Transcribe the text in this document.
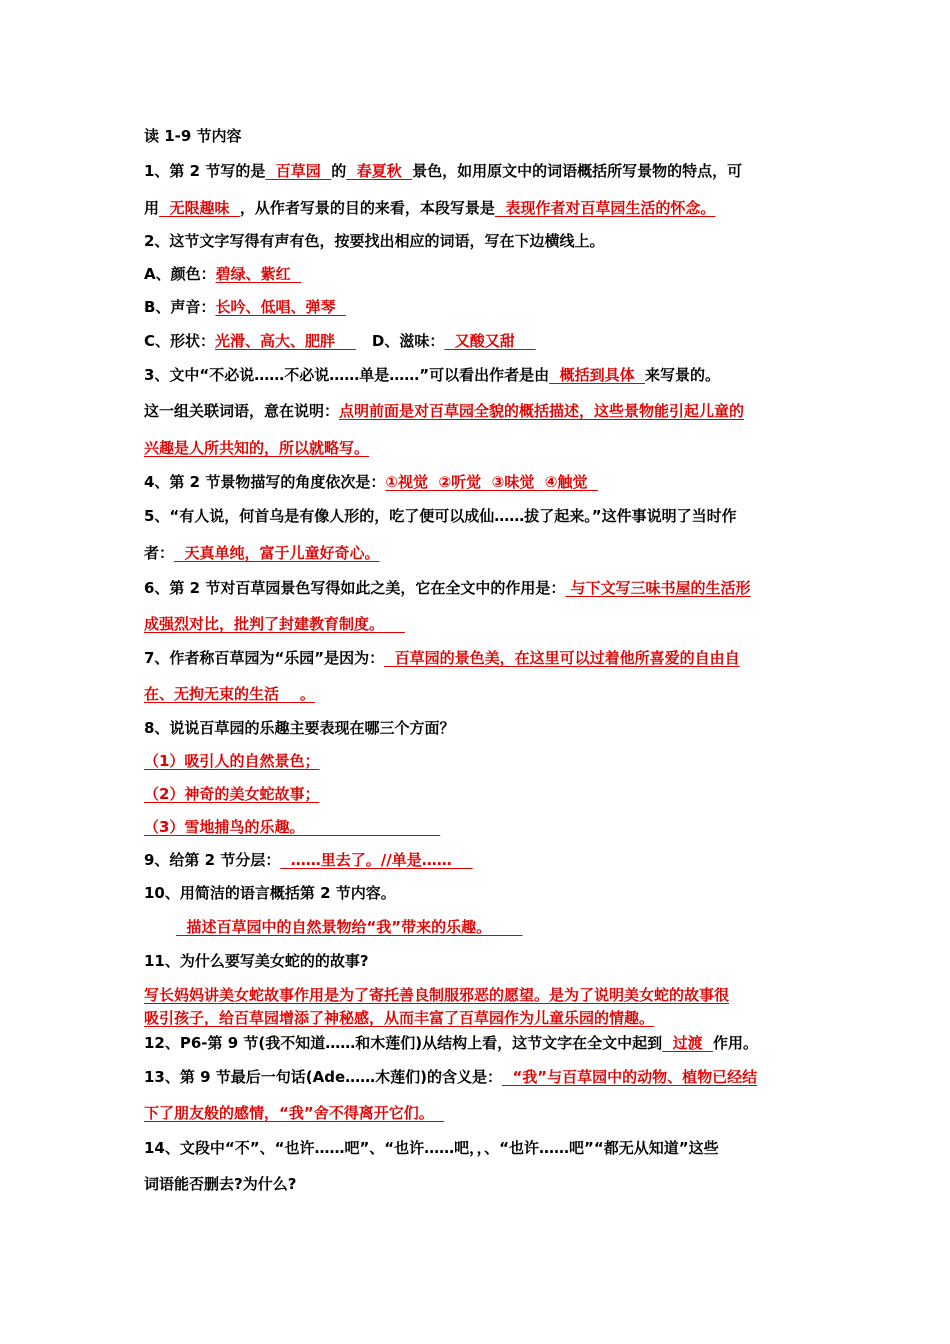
读 1-9 节内容
1、第 2 节写的是  百草园  的  春夏秋  景色，如用原文中的词语概括所写景物的特点，可
用  无限趣味  ，从作者写景的目的来看，本段写景是  表现作者对百草园生活的怀念。
2、这节文字写得有声有色，按要找出相应的词语，写在下边横线上。
A、颜色：碧绿、紫红
B、声音：长吟、低唱、弹琴
C、形状：光滑、高大、肥胖    D、滋味：  又酸又甜
3、文中“不必说……不必说……单是……”可以看出作者是由  概括到具体  来写景的。
这一组关联词语，意在说明：点明前面是对百草园全貌的概括描述，这些景物能引起儿童的
兴趣是人所共知的，所以就略写。
4、第 2 节景物描写的角度依次是：①视觉  ②听觉  ③味觉  ④触觉
5、“有人说，何首乌是有像人形的，吃了便可以成仙……拔了起来。”这件事说明了当时作
者：  天真单纯，富于儿童好奇心。
6、第 2 节对百草园景色写得如此之美，它在全文中的作用是： 与下文写三味书屋的生活形
成强烈对比，批判了封建教育制度。
7、作者称百草园为“乐园”是因为：  百草园的景色美，在这里可以过着他所喜爱的自由自
在、无拘无束的生活    。
8、说说百草园的乐趣主要表现在哪三个方面？
（1）吸引人的自然景色；
（2）神奇的美女蛇故事；
（3）雪地捕鸟的乐趣。
9、给第 2 节分层：  ……里去了。//单是……
10、用简洁的语言概括第 2 节内容。
描述百草园中的自然景物给“我”带来的乐趣。
11、为什么要写美女蛇的的故事?
写长妈妈讲美女蛇故事作用是为了寄托善良制服邪恶的愿望。是为了说明美女蛇的故事很
吸引孩子，给百草园增添了神秘感，从而丰富了百草园作为儿童乐园的情趣。
12、P6-第 9 节(我不知道……和木莲们)从结构上看，这节文字在全文中起到  过渡  作用。
13、第 9 节最后一句话(Ade……木莲们)的含义是：  “我”与百草园中的动物、植物已经结
下了朋友般的感情，“我”舍不得离开它们。
14、文段中“不”、“也许……吧”、“也许……吧，，、“也许……吧”“都无从知道”这些
词语能否删去?为什么?
